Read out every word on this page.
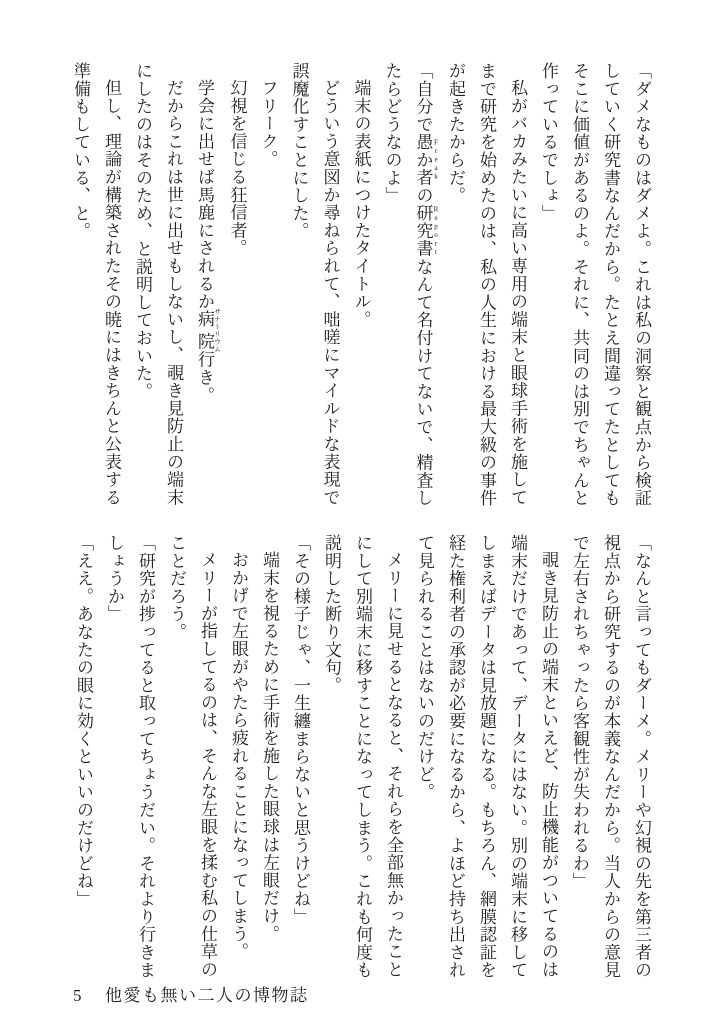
「ダメなものはダメよ。これは私の洞察と観点から検証
していく研究書なんだから。たとえ間違ってたとしても
そこに価値があるのよ。それに、共同のは別でちゃんと
作っているでしょ」

私がバカみたいに高い専用の端末と眼球手術を施して
まで研究を始めたのは、私の人生における最大級の事件
が起きたからだ。

「自分で愚か者 Freakの研究書 Reportなんて名付けてないで、精査し
たらどうなのよ」

端末の表紙につけたタイトル。

どういう意図か尋ねられて、咄嗟にマイルドな表現で
誤魔化すことにした。

フリーク。

幻視を信じる狂信者。

学会に出せば馬鹿にされるか病院 サナトリウム行き。

だからこれは世に出せもしないし、覗き見防止の端末
にしたのはそのため、と説明しておいた。

但し、理論が構築されたその暁にはきちんと公表する
準備もしている、と。

「なんと言ってもダーメ。メリーや幻視の先を第三者の
視点から研究するのが本義なんだから。当人からの意見
で左右されちゃったら客観性が失われるわ」

覗き見防止の端末といえど、防止機能がついてるのは
端末だけであって、データにはない。別の端末に移して
しまえばデータは見放題になる。もちろん、網膜認証を
経た権利者の承認が必要になるから、よほど持ち出され
て見られることはないのだけど。

メリーに見せるとなると、それらを全部無かったこと
にして別端末に移すことになってしまう。これも何度も
説明した断り文句。

「その様子じゃ、一生纏まらないと思うけどね」

端末を視るために手術を施した眼球は左眼だけ。

おかげで左眼がやたら疲れることになってしまう。

メリーが指してるのは、そんな左眼を揉む私の仕草の
ことだろう。

「研究が捗ってると取ってちょうだい。それより行きま
しょうか」

「ええ。あなたの眼に効くといいのだけどね」

5 他愛も無い二人の博物誌
